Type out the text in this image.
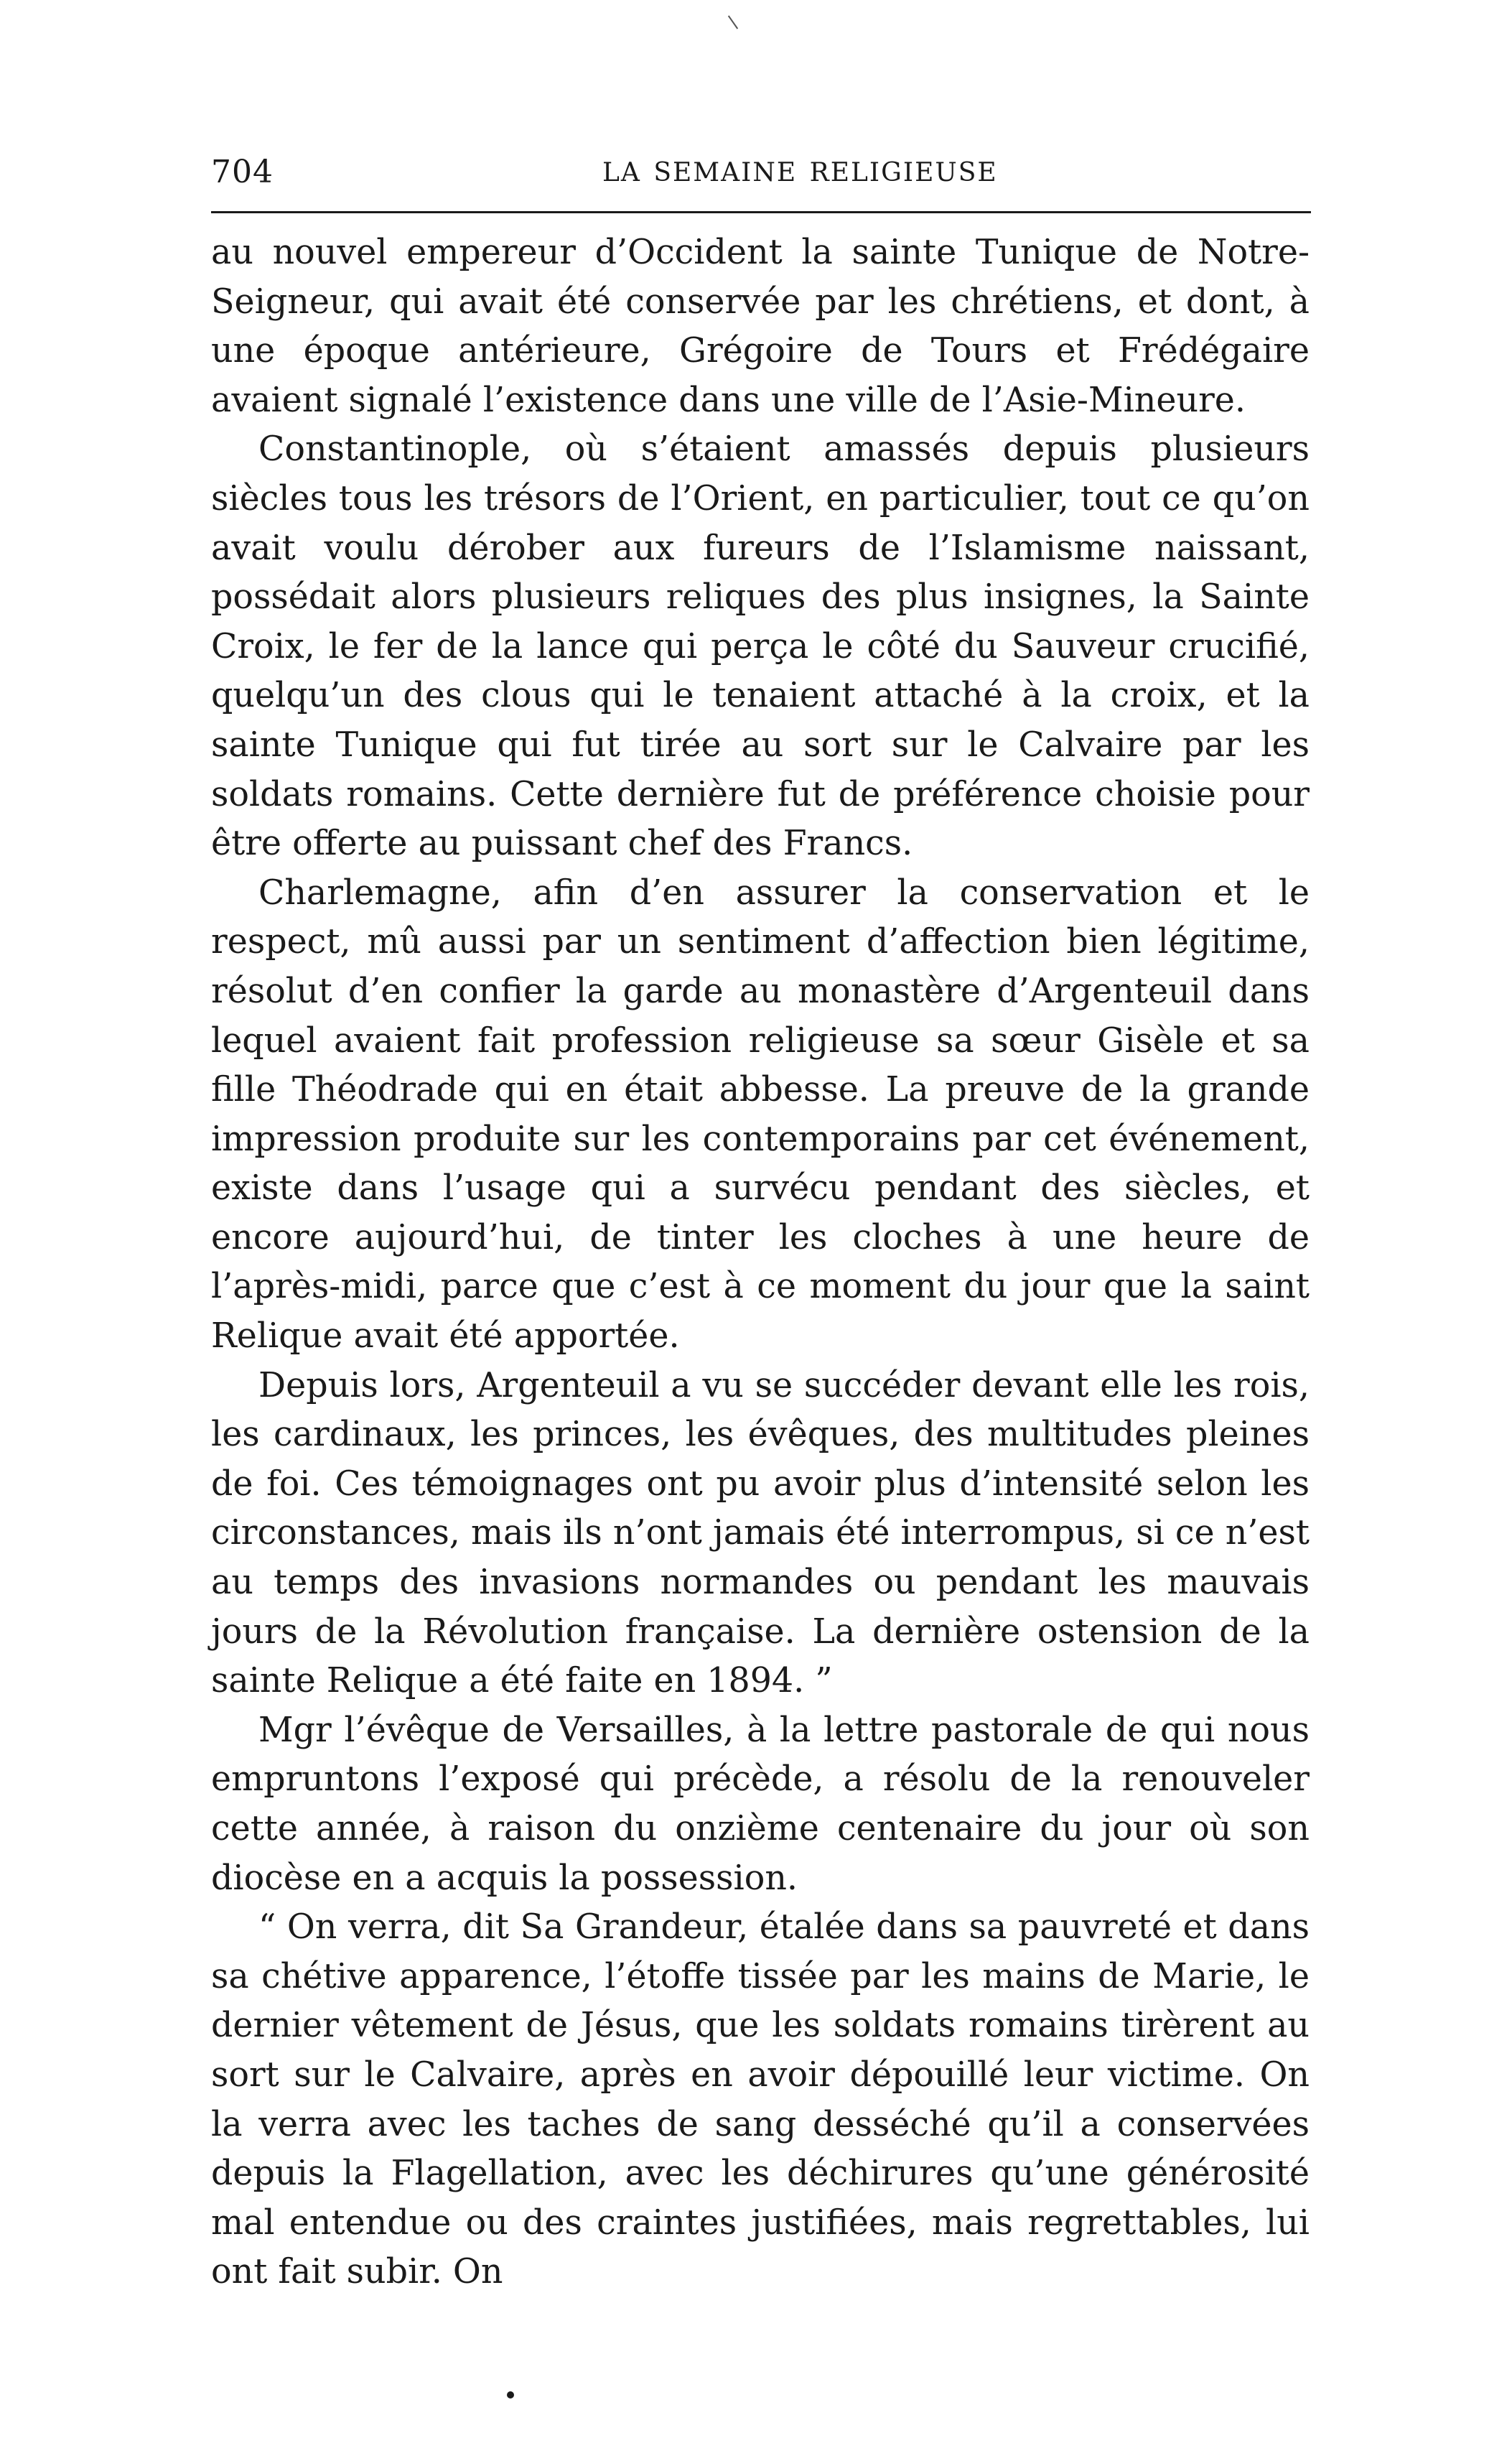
704	LA SEMAINE RELIGIEUSE

au nouvel empereur d’Occident la sainte Tunique de Notre-Seigneur, qui avait été conservée par les chrétiens, et dont, à une époque antérieure, Grégoire de Tours et Frédégaire avaient signalé l’existence dans une ville de l’Asie-Mineure.

Constantinople, où s’étaient amassés depuis plusieurs siècles tous les trésors de l’Orient, en particulier, tout ce qu’on avait voulu dérober aux fureurs de l’Islamisme naissant, possédait alors plusieurs reliques des plus insignes, la Sainte Croix, le fer de la lance qui perça le côté du Sauveur crucifié, quelqu’un des clous qui le tenaient attaché à la croix, et la sainte Tunique qui fut tirée au sort sur le Calvaire par les soldats romains. Cette dernière fut de préférence choisie pour être offerte au puissant chef des Francs.

Charlemagne, afin d’en assurer la conservation et le respect, mû aussi par un sentiment d’affection bien légitime, résolut d’en confier la garde au monastère d’Argenteuil dans lequel avaient fait profession religieuse sa sœur Gisèle et sa fille Théodrade qui en était abbesse. La preuve de la grande impression produite sur les contemporains par cet événement, existe dans l’usage qui a survécu pendant des siècles, et encore aujourd’hui, de tinter les cloches à une heure de l’après-midi, parce que c’est à ce moment du jour que la saint Relique avait été apportée.

Depuis lors, Argenteuil a vu se succéder devant elle les rois, les cardinaux, les princes, les évêques, des multitudes pleines de foi. Ces témoignages ont pu avoir plus d’intensité selon les circonstances, mais ils n’ont jamais été interrompus, si ce n’est au temps des invasions normandes ou pendant les mauvais jours de la Révolution française. La dernière ostension de la sainte Relique a été faite en 1894. ”

Mgr l’évêque de Versailles, à la lettre pastorale de qui nous empruntons l’exposé qui précède, a résolu de la renouveler cette année, à raison du onzième centenaire du jour où son diocèse en a acquis la possession.

“ On verra, dit Sa Grandeur, étalée dans sa pauvreté et dans sa chétive apparence, l’étoffe tissée par les mains de Marie, le dernier vêtement de Jésus, que les soldats romains tirèrent au sort sur le Calvaire, après en avoir dépouillé leur victime. On la verra avec les taches de sang desséché qu’il a conservées depuis la Flagellation, avec les déchirures qu’une générosité mal entendue ou des craintes justifiées, mais regrettables, lui ont fait subir. On
